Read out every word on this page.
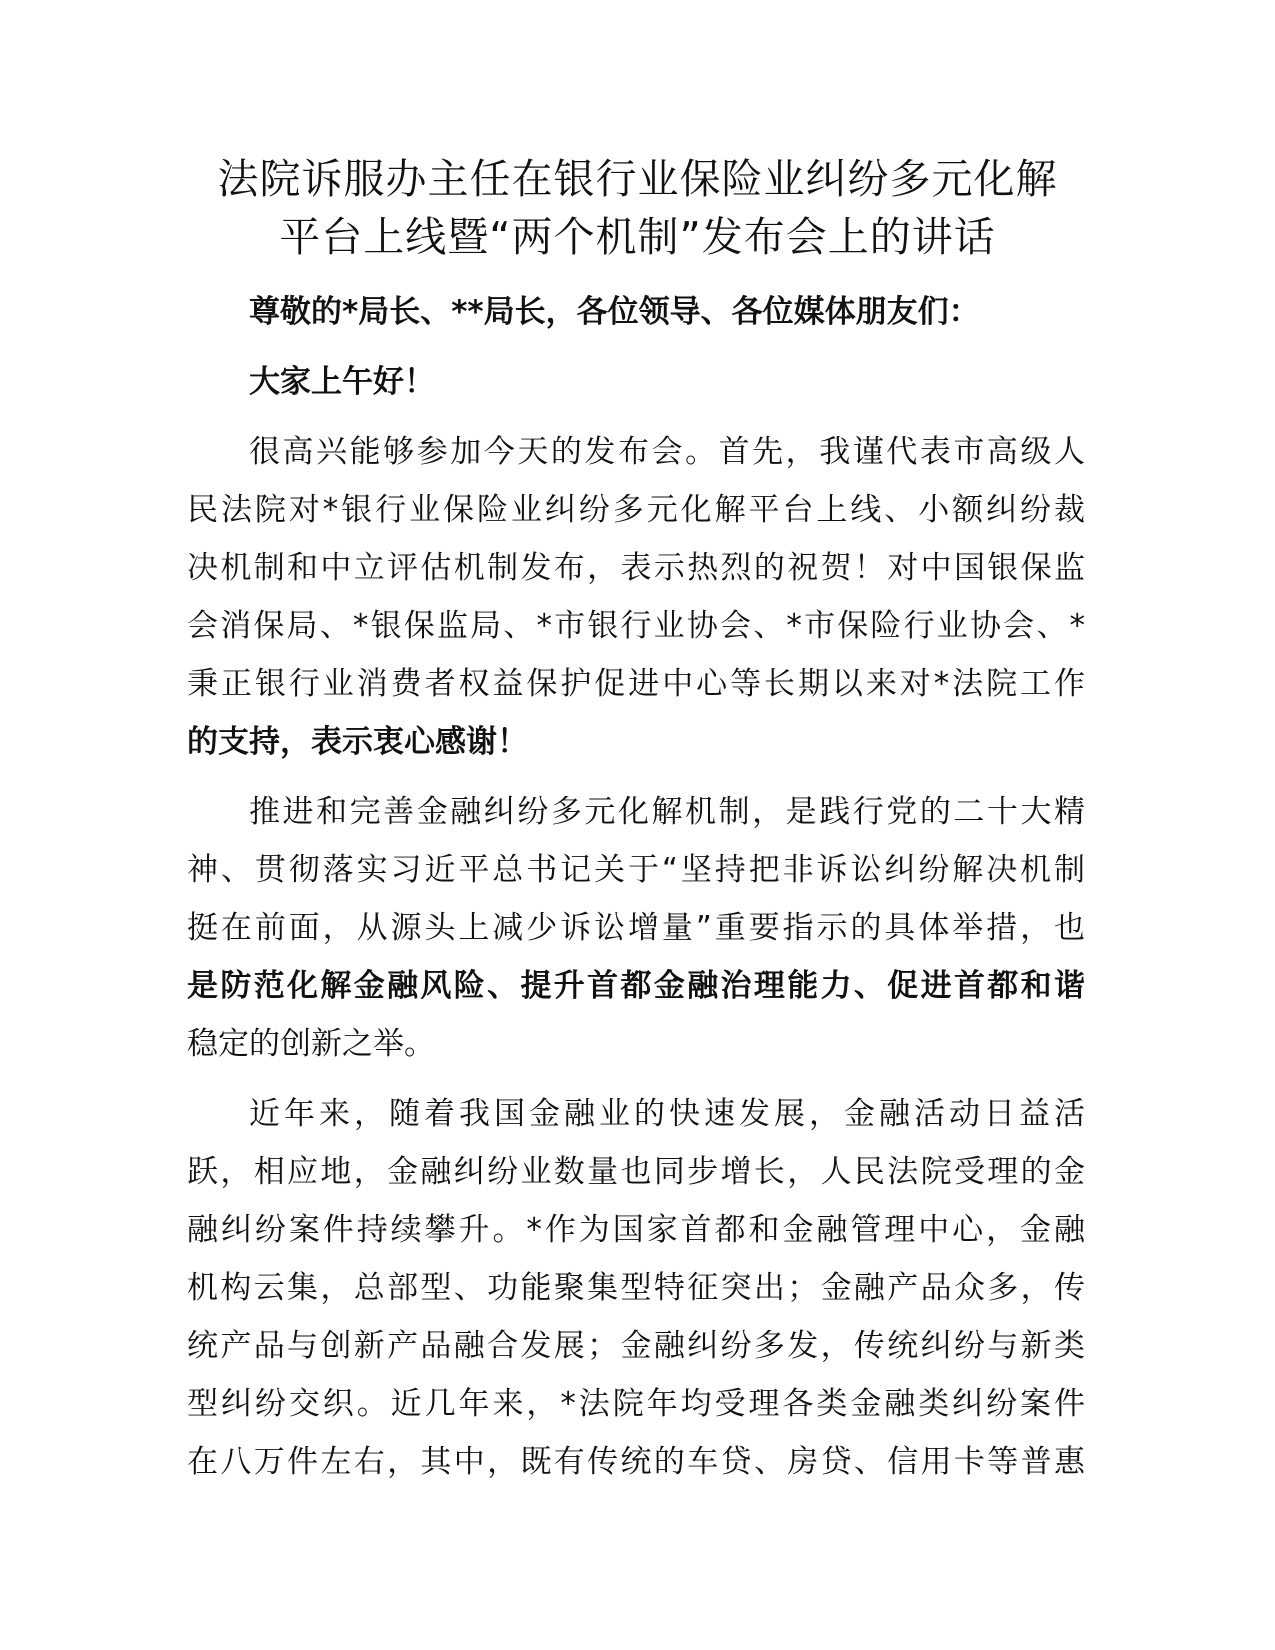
法院诉服办主任在银行业保险业纠纷多元化解
平台上线暨“两个机制”发布会上的讲话

尊敬的*局长、**局长，各位领导、各位媒体朋友们：

大家上午好！

很高兴能够参加今天的发布会。首先，我谨代表市高级人
民法院对*银行业保险业纠纷多元化解平台上线、小额纠纷裁
决机制和中立评估机制发布，表示热烈的祝贺！对中国银保监
会消保局、*银保监局、*市银行业协会、*市保险行业协会、*
秉正银行业消费者权益保护促进中心等长期以来对*法院工作
的支持，表示衷心感谢！
推进和完善金融纠纷多元化解机制，是践行党的二十大精
神、贯彻落实习近平总书记关于“坚持把非诉讼纠纷解决机制
挺在前面，从源头上减少诉讼增量”重要指示的具体举措，也
是防范化解金融风险、提升首都金融治理能力、促进首都和谐
稳定的创新之举。
近年来，随着我国金融业的快速发展，金融活动日益活
跃，相应地，金融纠纷业数量也同步增长，人民法院受理的金
融纠纷案件持续攀升。*作为国家首都和金融管理中心，金融
机构云集，总部型、功能聚集型特征突出；金融产品众多，传
统产品与创新产品融合发展；金融纠纷多发，传统纠纷与新类
型纠纷交织。近几年来，*法院年均受理各类金融类纠纷案件
在八万件左右，其中，既有传统的车贷、房贷、信用卡等普惠
